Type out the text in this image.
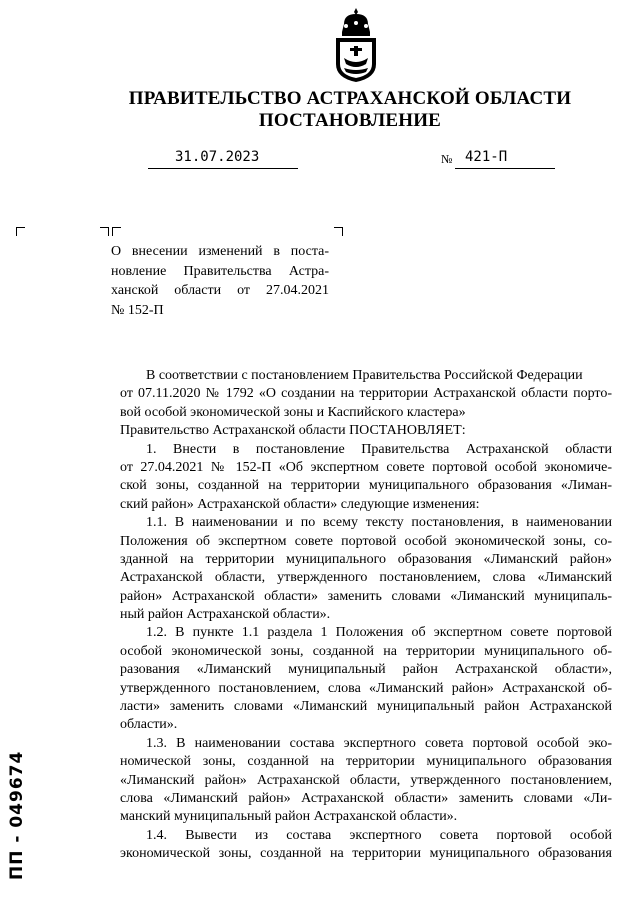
ПРАВИТЕЛЬСТВО АСТРАХАНСКОЙ ОБЛАСТИ
ПОСТАНОВЛЕНИЕ
31.07.2023	№ 421-П
О внесении изменений в поста-
новление Правительства Астра-
ханской области от 27.04.2021
№ 152-П
В соответствии с постановлением Правительства Российской Федерации
от 07.11.2020 № 1792 «О создании на территории Астраханской области порто-
вой особой экономической зоны и Каспийского кластера»
Правительство Астраханской области ПОСТАНОВЛЯЕТ:
1. Внести в постановление Правительства Астраханской области
от 27.04.2021 № 152-П «Об экспертном совете портовой особой экономиче-
ской зоны, созданной на территории муниципального образования «Лиман-
ский район» Астраханской области» следующие изменения:
1.1. В наименовании и по всему тексту постановления, в наименовании
Положения об экспертном совете портовой особой экономической зоны, со-
зданной на территории муниципального образования «Лиманский район»
Астраханской области, утвержденного постановлением, слова «Лиманский
район» Астраханской области» заменить словами «Лиманский муниципаль-
ный район Астраханской области».
1.2. В пункте 1.1 раздела 1 Положения об экспертном совете портовой
особой экономической зоны, созданной на территории муниципального об-
разования «Лиманский муниципальный район Астраханской области»,
утвержденного постановлением, слова «Лиманский район» Астраханской об-
ласти» заменить словами «Лиманский муниципальный район Астраханской
области».
1.3. В наименовании состава экспертного совета портовой особой эко-
номической зоны, созданной на территории муниципального образования
«Лиманский район» Астраханской области, утвержденного постановлением,
слова «Лиманский район» Астраханской области» заменить словами «Ли-
манский муниципальный район Астраханской области».
1.4. Вывести из состава экспертного совета портовой особой
экономической зоны, созданной на территории муниципального образования
ПП - 049674
